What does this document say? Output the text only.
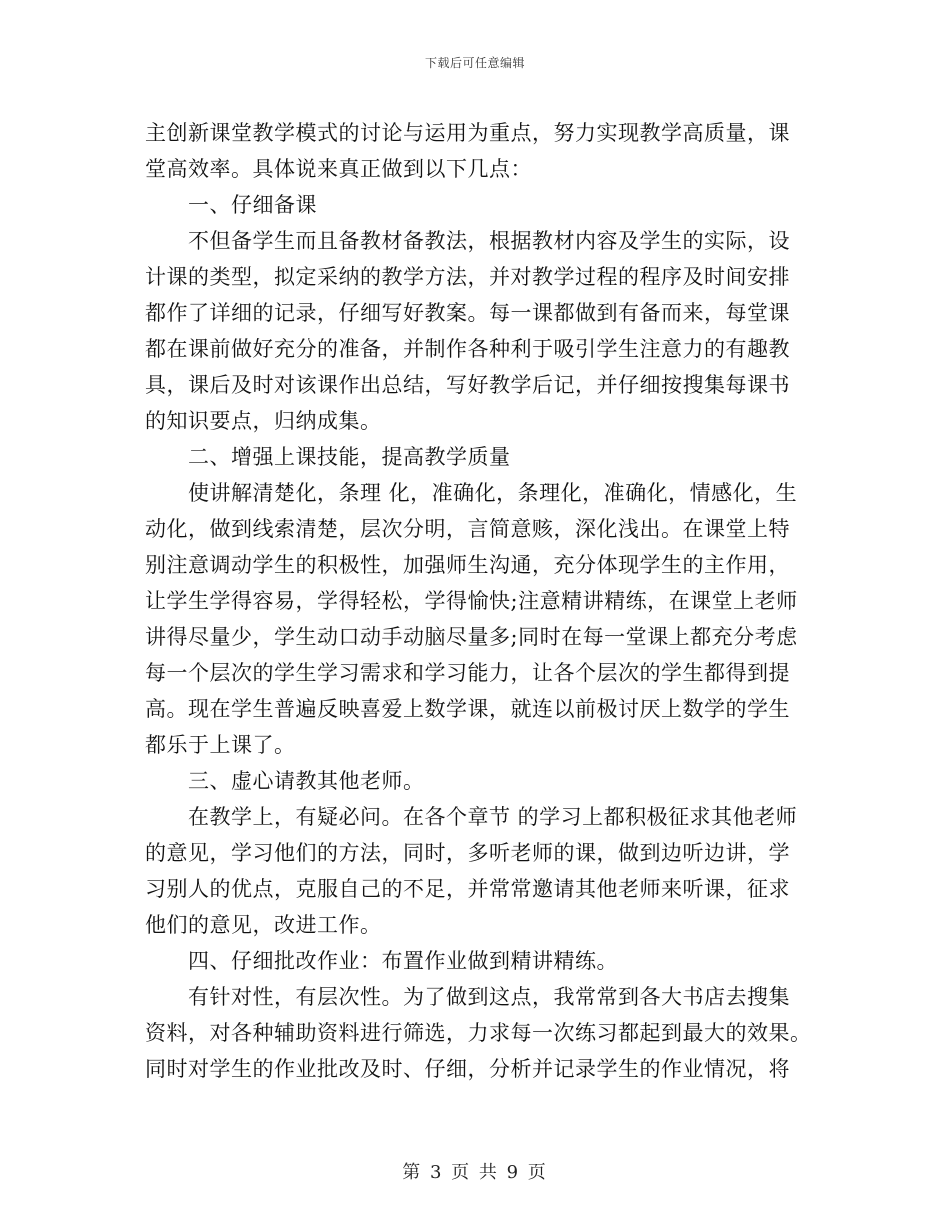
下载后可任意编辑
主创新课堂教学模式的讨论与运用为重点，努力实现教学高质量，课
堂高效率。具体说来真正做到以下几点：
一、仔细备课
不但备学生而且备教材备教法，根据教材内容及学生的实际，设
计课的类型，拟定采纳的教学方法，并对教学过程的程序及时间安排
都作了详细的记录，仔细写好教案。每一课都做到有备而来，每堂课
都在课前做好充分的准备，并制作各种利于吸引学生注意力的有趣教
具，课后及时对该课作出总结，写好教学后记，并仔细按搜集每课书
的知识要点，归纳成集。
二、增强上课技能，提高教学质量
使讲解清楚化，条理 化，准确化，条理化，准确化，情感化，生
动化，做到线索清楚，层次分明，言简意赅，深化浅出。在课堂上特
别注意调动学生的积极性，加强师生沟通，充分体现学生的主作用，
让学生学得容易，学得轻松，学得愉快;注意精讲精练，在课堂上老师
讲得尽量少，学生动口动手动脑尽量多;同时在每一堂课上都充分考虑
每一个层次的学生学习需求和学习能力，让各个层次的学生都得到提
高。现在学生普遍反映喜爱上数学课，就连以前极讨厌上数学的学生
都乐于上课了。
三、虚心请教其他老师。
在教学上，有疑必问。在各个章节 的学习上都积极征求其他老师
的意见，学习他们的方法，同时，多听老师的课，做到边听边讲，学
习别人的优点，克服自己的不足，并常常邀请其他老师来听课，征求
他们的意见，改进工作。
四、仔细批改作业：布置作业做到精讲精练。
有针对性，有层次性。为了做到这点，我常常到各大书店去搜集
资料，对各种辅助资料进行筛选，力求每一次练习都起到最大的效果。
同时对学生的作业批改及时、仔细，分析并记录学生的作业情况，将
第 3 页 共 9 页
